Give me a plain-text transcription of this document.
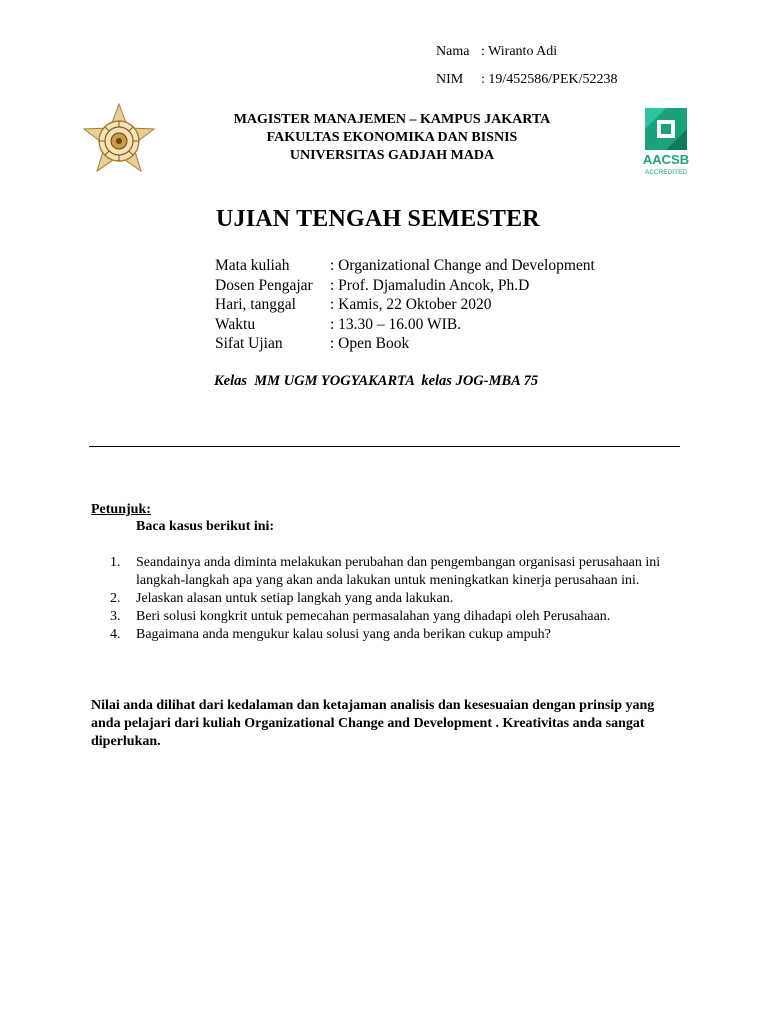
Nama : Wiranto Adi
NIM : 19/452586/PEK/52238
MAGISTER MANAJEMEN – KAMPUS JAKARTA
FAKULTAS EKONOMIKA DAN BISNIS
UNIVERSITAS GADJAH MADA	AACSB
ACCREDITED
UJIAN TENGAH SEMESTER
Mata kuliah	: Organizational Change and Development
Dosen Pengajar	: Prof. Djamaludin Ancok, Ph.D
Hari, tanggal	: Kamis, 22 Oktober 2020
Waktu	: 13.30 – 16.00 WIB.
Sifat Ujian	: Open Book
Kelas  MM UGM YOGYAKARTA  kelas JOG-MBA 75
Petunjuk:
Baca kasus berikut ini:
1.	Seandainya anda diminta melakukan perubahan dan pengembangan organisasi perusahaan ini langkah-langkah apa yang akan anda lakukan untuk meningkatkan kinerja perusahaan ini.
2.	Jelaskan alasan untuk setiap langkah yang anda lakukan.
3.	Beri solusi kongkrit untuk pemecahan permasalahan yang dihadapi oleh Perusahaan.
4.	Bagaimana anda mengukur kalau solusi yang anda berikan cukup ampuh?
Nilai anda dilihat dari kedalaman dan ketajaman analisis dan kesesuaian dengan prinsip yang anda pelajari dari kuliah Organizational Change and Development . Kreativitas anda sangat diperlukan.
